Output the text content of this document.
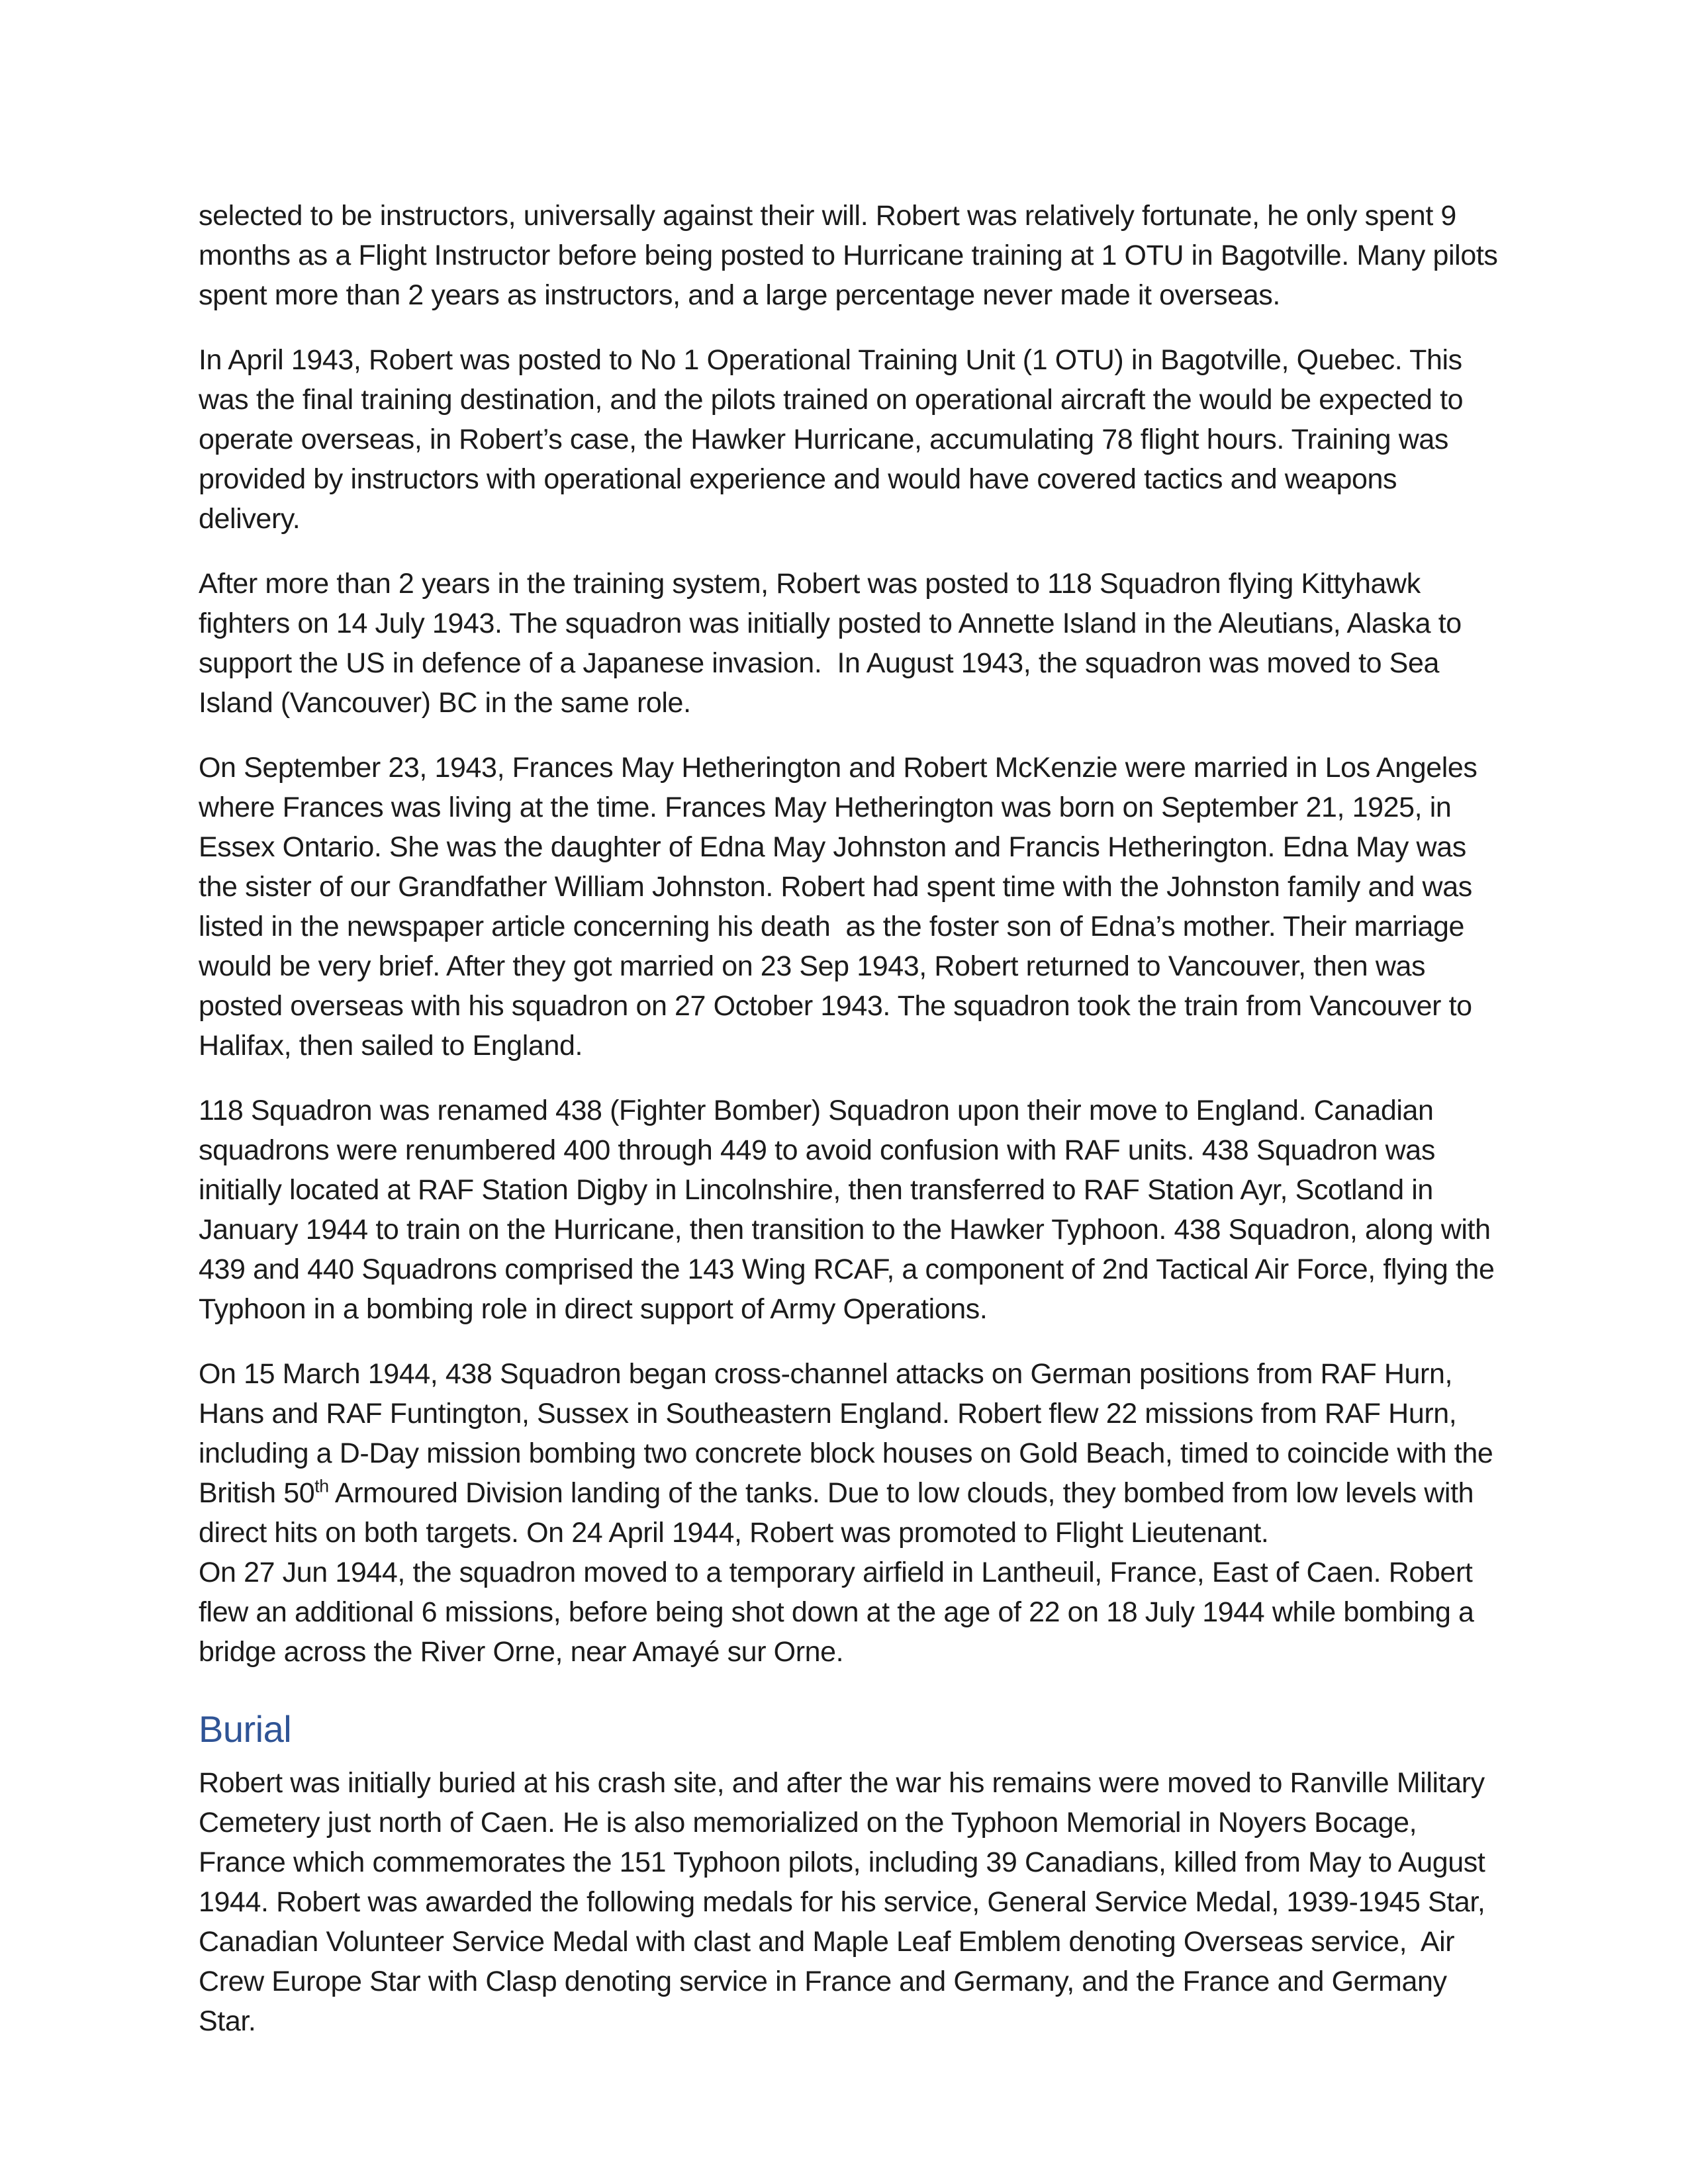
selected to be instructors, universally against their will. Robert was relatively fortunate, he only spent 9 months as a Flight Instructor before being posted to Hurricane training at 1 OTU in Bagotville. Many pilots spent more than 2 years as instructors, and a large percentage never made it overseas.

In April 1943, Robert was posted to No 1 Operational Training Unit (1 OTU) in Bagotville, Quebec. This was the final training destination, and the pilots trained on operational aircraft the would be expected to operate overseas, in Robert’s case, the Hawker Hurricane, accumulating 78 flight hours. Training was provided by instructors with operational experience and would have covered tactics and weapons delivery.

After more than 2 years in the training system, Robert was posted to 118 Squadron flying Kittyhawk fighters on 14 July 1943. The squadron was initially posted to Annette Island in the Aleutians, Alaska to support the US in defence of a Japanese invasion.  In August 1943, the squadron was moved to Sea Island (Vancouver) BC in the same role.

On September 23, 1943, Frances May Hetherington and Robert McKenzie were married in Los Angeles where Frances was living at the time. Frances May Hetherington was born on September 21, 1925, in Essex Ontario. She was the daughter of Edna May Johnston and Francis Hetherington. Edna May was the sister of our Grandfather William Johnston. Robert had spent time with the Johnston family and was listed in the newspaper article concerning his death  as the foster son of Edna’s mother. Their marriage would be very brief. After they got married on 23 Sep 1943, Robert returned to Vancouver, then was posted overseas with his squadron on 27 October 1943. The squadron took the train from Vancouver to Halifax, then sailed to England.

118 Squadron was renamed 438 (Fighter Bomber) Squadron upon their move to England. Canadian squadrons were renumbered 400 through 449 to avoid confusion with RAF units. 438 Squadron was initially located at RAF Station Digby in Lincolnshire, then transferred to RAF Station Ayr, Scotland in January 1944 to train on the Hurricane, then transition to the Hawker Typhoon. 438 Squadron, along with 439 and 440 Squadrons comprised the 143 Wing RCAF, a component of 2nd Tactical Air Force, flying the Typhoon in a bombing role in direct support of Army Operations.

On 15 March 1944, 438 Squadron began cross-channel attacks on German positions from RAF Hurn, Hans and RAF Funtington, Sussex in Southeastern England. Robert flew 22 missions from RAF Hurn, including a D-Day mission bombing two concrete block houses on Gold Beach, timed to coincide with the British 50th Armoured Division landing of the tanks. Due to low clouds, they bombed from low levels with direct hits on both targets. On 24 April 1944, Robert was promoted to Flight Lieutenant.
On 27 Jun 1944, the squadron moved to a temporary airfield in Lantheuil, France, East of Caen. Robert flew an additional 6 missions, before being shot down at the age of 22 on 18 July 1944 while bombing a bridge across the River Orne, near Amayé sur Orne.

Burial

Robert was initially buried at his crash site, and after the war his remains were moved to Ranville Military Cemetery just north of Caen. He is also memorialized on the Typhoon Memorial in Noyers Bocage, France which commemorates the 151 Typhoon pilots, including 39 Canadians, killed from May to August 1944. Robert was awarded the following medals for his service, General Service Medal, 1939-1945 Star, Canadian Volunteer Service Medal with clast and Maple Leaf Emblem denoting Overseas service,  Air Crew Europe Star with Clasp denoting service in France and Germany, and the France and Germany Star.
